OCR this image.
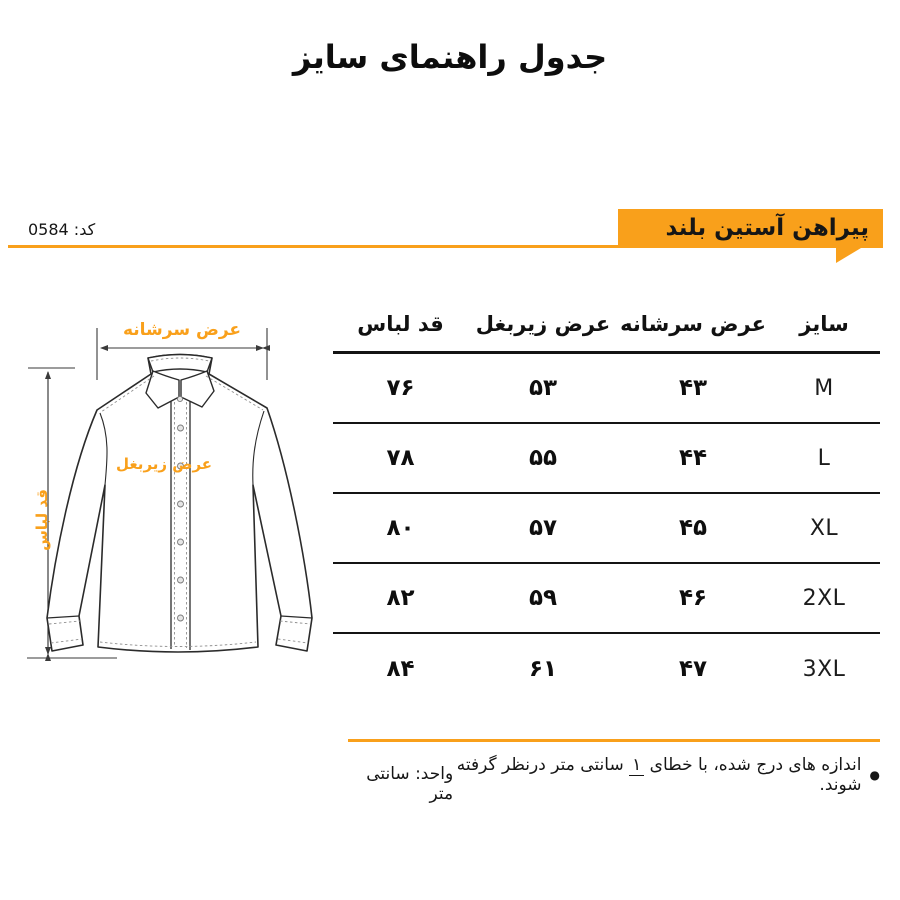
جدول راهنمای سایز
پیراهن آستین بلند
کد: 0584
عرض سرشانه
عرض زیربغل
قد لباس
سایز
عرض سرشانه
عرض زیربغل
قد لباس
M
۴۳
۵۳
۷۶
L
۴۴
۵۵
۷۸
XL
۴۵
۵۷
۸۰
2XL
۴۶
۵۹
۸۲
3XL
۴۷
۶۱
۸۴
●
اندازه های درج شده، با خطای ۱ سانتی متر درنظر گرفته شوند.
واحد: سانتی متر
